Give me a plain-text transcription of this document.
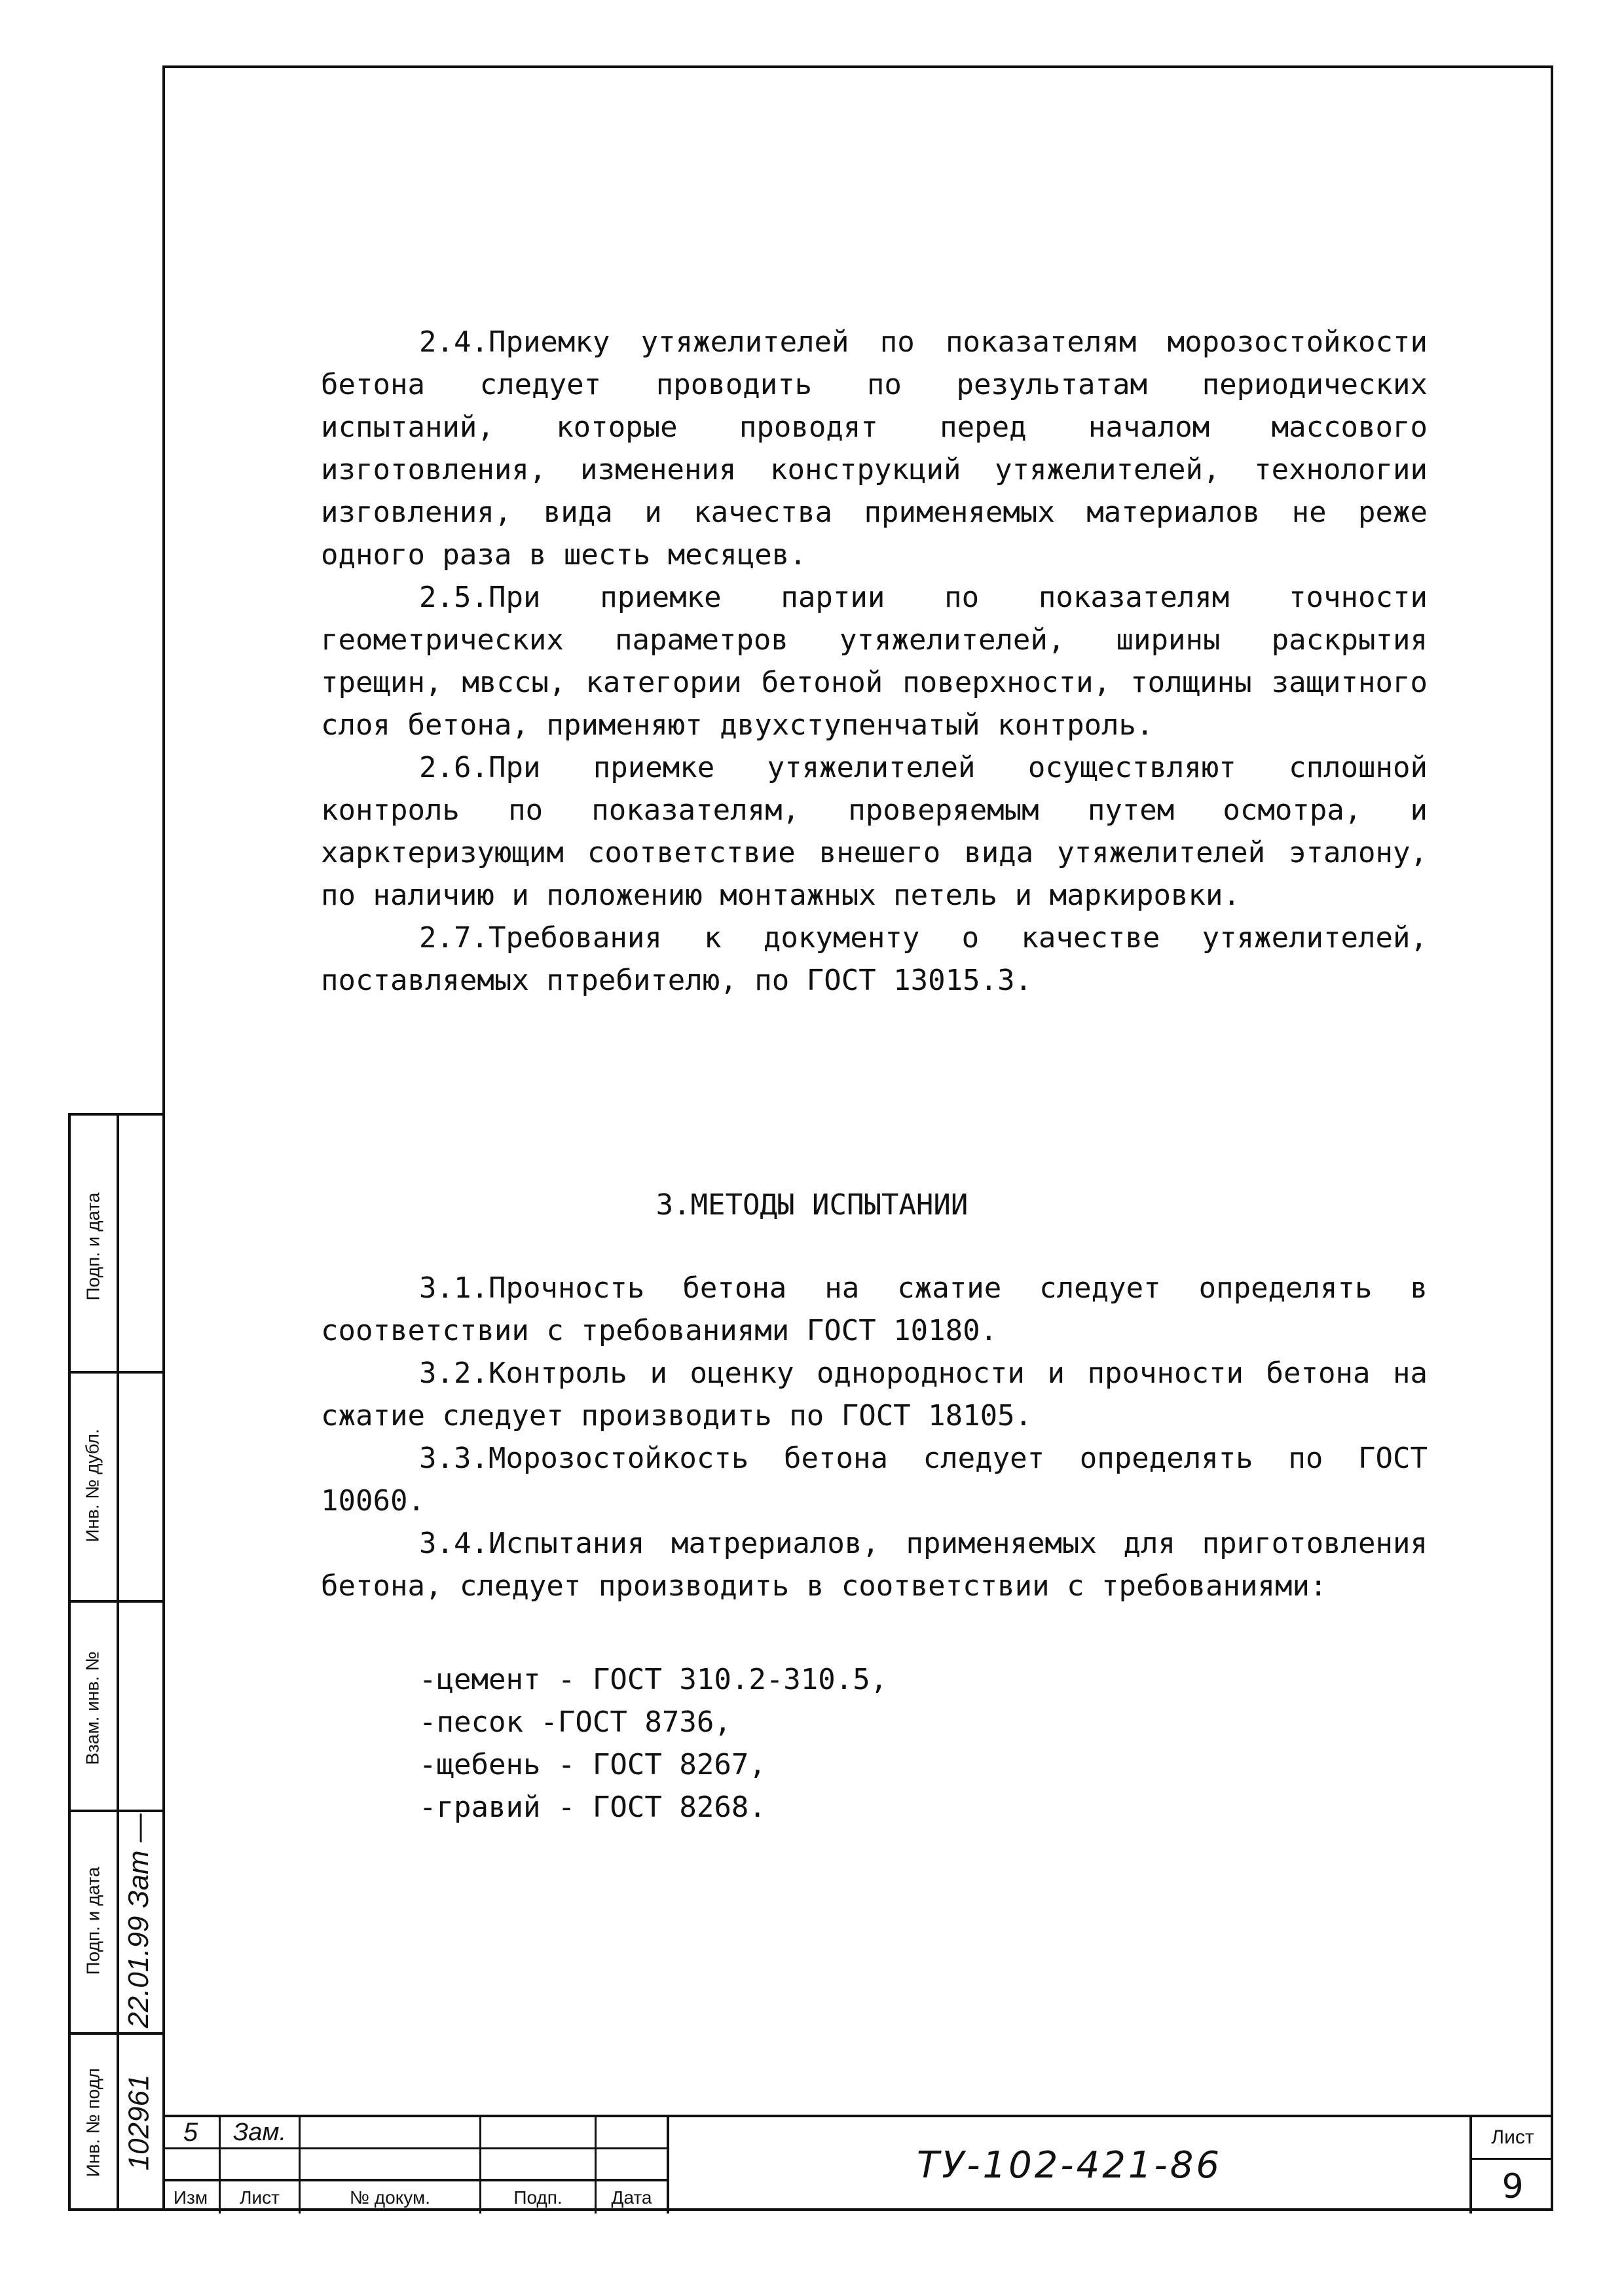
Подп. и дата
Инв. № дубл.
Взам. инв. №
Подп. и дата 22.01.99 Зат —
Инв. № подл 102961

2.4.Приемку утяжелителей по показателям морозостойкости бетона следует проводить по результатам периодических испытаний, которые проводят перед началом массового изготовления, изменения конструкций утяжелителей, технологии изговления, вида и качества применяемых материалов не реже одного раза в шесть месяцев.

2.5.При приемке партии по показателям точности геометрических параметров утяжелителей, ширины раскрытия трещин, мвссы, категории бетоной поверхности, толщины защитного слоя бетона, применяют двухступенчатый контроль.

2.6.При приемке утяжелителей осуществляют сплошной контроль по показателям, проверяемым путем осмотра, и харктеризующим соответствие внешего вида утяжелителей эталону, по наличию и положению монтажных петель и маркировки.

2.7.Требования к документу о качестве утяжелителей, поставляемых птребителю, по ГОСТ 13015.3.

3.МЕТОДЫ ИСПЫТАНИИ

3.1.Прочность бетона на сжатие следует определять в соответствии с требованиями ГОСТ 10180.

3.2.Контроль и оценку однородности и прочности бетона на сжатие следует производить по ГОСТ 18105.

3.3.Морозостойкость бетона следует определять по ГОСТ 10060.

3.4.Испытания матрериалов, применяемых для приготовления бетона, следует производить в соответствии с требованиями:

-цемент - ГОСТ 310.2-310.5,
-песок -ГОСТ 8736,
-щебень - ГОСТ 8267,
-гравий - ГОСТ 8268.
5	Зам.
Изм	Лист	№ докум.	Подп.	Дата
ТУ-102-421-86
Лист
9
